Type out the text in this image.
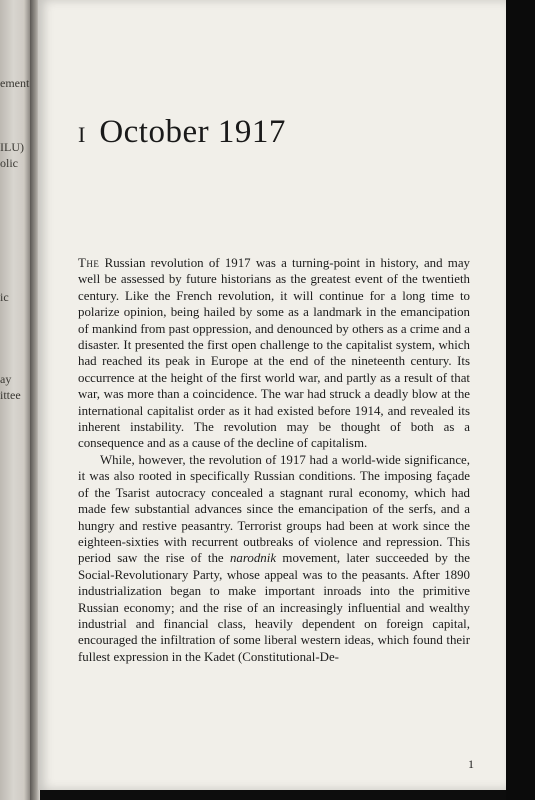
ement
ILU)
olic
ic
ay
ittee
I October 1917

The Russian revolution of 1917 was a turning-point in history, and may well be assessed by future historians as the greatest event of the twentieth century. Like the French revolution, it will continue for a long time to polarize opinion, being hailed by some as a landmark in the emancipation of mankind from past oppression, and denounced by others as a crime and a disaster. It presented the first open challenge to the capitalist system, which had reached its peak in Europe at the end of the nineteenth century. Its occurrence at the height of the first world war, and partly as a result of that war, was more than a coincidence. The war had struck a deadly blow at the international capitalist order as it had existed before 1914, and revealed its inherent instability. The revolution may be thought of both as a consequence and as a cause of the decline of capitalism.

While, however, the revolution of 1917 had a world-wide significance, it was also rooted in specifically Russian conditions. The imposing façade of the Tsarist autocracy concealed a stagnant rural economy, which had made few substantial advances since the emancipation of the serfs, and a hungry and restive peasantry. Terrorist groups had been at work since the eighteen-sixties with recurrent outbreaks of violence and repression. This period saw the rise of the narodnik movement, later succeeded by the Social-Revolutionary Party, whose appeal was to the peasants. After 1890 industrialization began to make important inroads into the primitive Russian economy; and the rise of an increasingly influential and wealthy industrial and financial class, heavily dependent on foreign capital, encouraged the infiltration of some liberal western ideas, which found their fullest expression in the Kadet (Constitutional-De-

1
